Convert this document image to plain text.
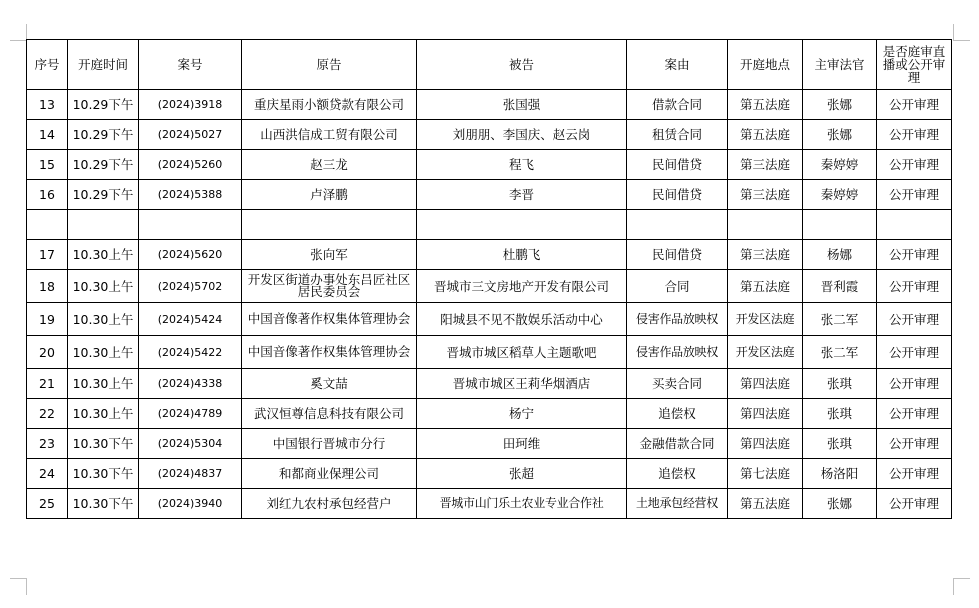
序号	开庭时间	案号	原告	被告	案由	开庭地点	主审法官	是否庭审直播或公开审理
13	10.29下午	(2024)3918	重庆星雨小额贷款有限公司	张国强	借款合同	第五法庭	张娜	公开审理
14	10.29下午	(2024)5027	山西洪信成工贸有限公司	刘朋朋、李国庆、赵云岗	租赁合同	第五法庭	张娜	公开审理
15	10.29下午	(2024)5260	赵三龙	程飞	民间借贷	第三法庭	秦婷婷	公开审理
16	10.29下午	(2024)5388	卢泽鹏	李晋	民间借贷	第三法庭	秦婷婷	公开审理

17	10.30上午	(2024)5620	张向军	杜鹏飞	民间借贷	第三法庭	杨娜	公开审理
18	10.30上午	(2024)5702	开发区街道办事处东吕匠社区居民委员会	晋城市三文房地产开发有限公司	合同	第五法庭	晋利霞	公开审理
19	10.30上午	(2024)5424	中国音像著作权集体管理协会	阳城县不见不散娱乐活动中心	侵害作品放映权	开发区法庭	张二军	公开审理
20	10.30上午	(2024)5422	中国音像著作权集体管理协会	晋城市城区稻草人主题歌吧	侵害作品放映权	开发区法庭	张二军	公开审理
21	10.30上午	(2024)4338	奚文喆	晋城市城区王莉华烟酒店	买卖合同	第四法庭	张琪	公开审理
22	10.30上午	(2024)4789	武汉恒尊信息科技有限公司	杨宁	追偿权	第四法庭	张琪	公开审理
23	10.30下午	(2024)5304	中国银行晋城市分行	田珂维	金融借款合同	第四法庭	张琪	公开审理
24	10.30下午	(2024)4837	和都商业保理公司	张超	追偿权	第七法庭	杨洛阳	公开审理
25	10.30下午	(2024)3940	刘红九农村承包经营户	晋城市山门乐土农业专业合作社	土地承包经营权	第五法庭	张娜	公开审理
